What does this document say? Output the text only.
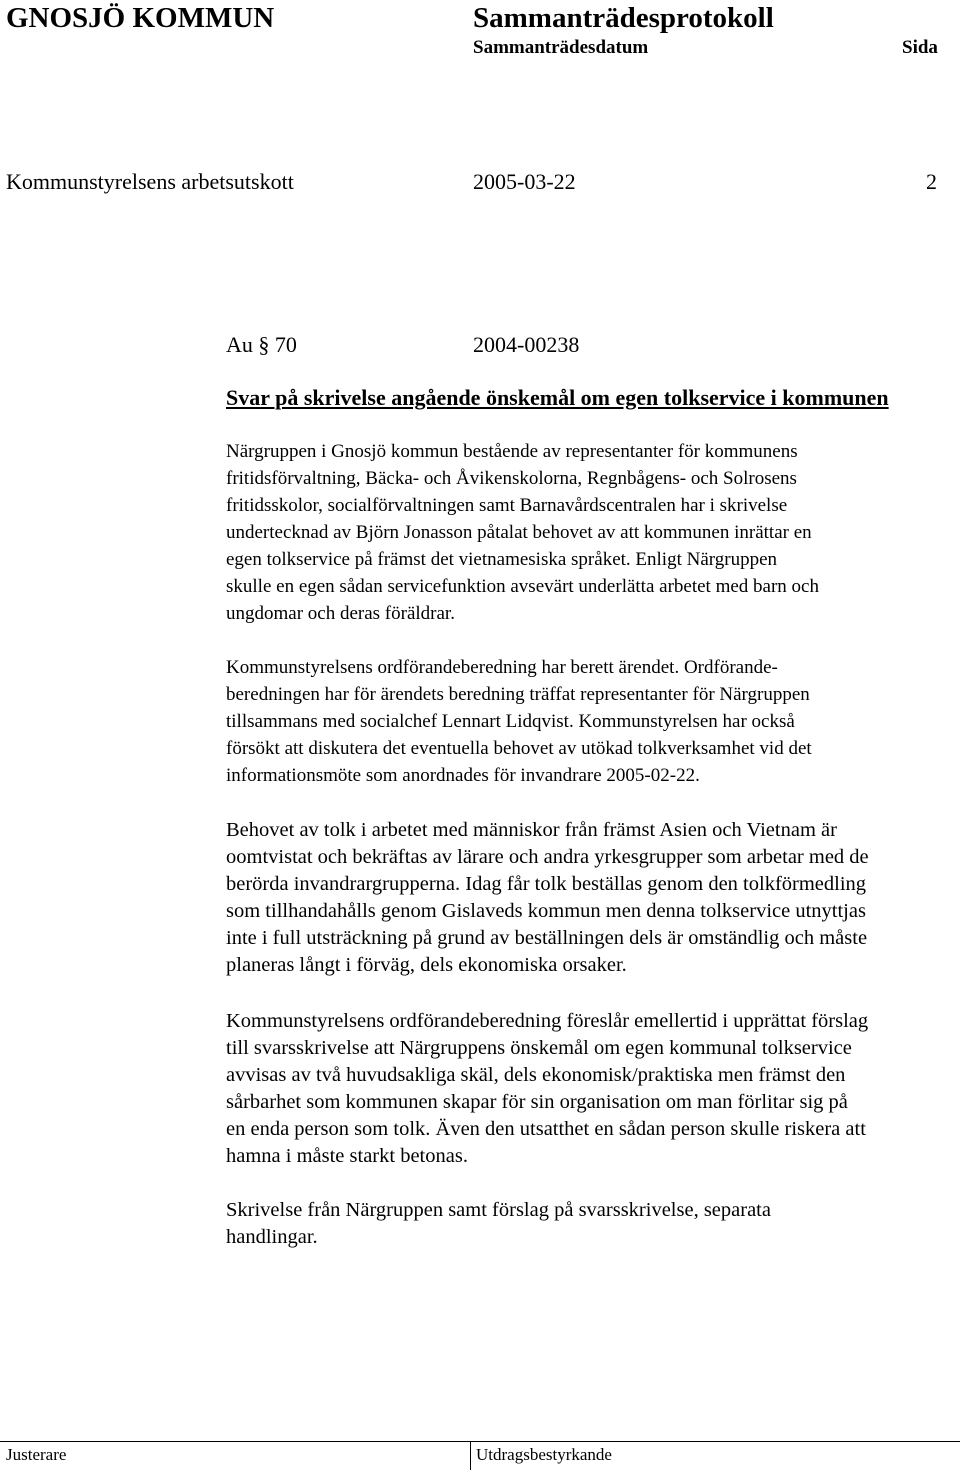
GNOSJÖ KOMMUN	Sammanträdesprotokoll
Sammanträdesdatum	Sida
Kommunstyrelsens arbetsutskott	2005-03-22	2
Au § 70	2004-00238
Svar på skrivelse angående önskemål om egen tolkservice i kommunen
Närgruppen i Gnosjö kommun bestående av representanter för kommunens
fritidsförvaltning, Bäcka- och Åvikenskolorna, Regnbågens- och Solrosens
fritidsskolor, socialförvaltningen samt Barnavårdscentralen har i skrivelse
undertecknad av Björn Jonasson påtalat behovet av att kommunen inrättar en
egen tolkservice på främst det vietnamesiska språket. Enligt Närgruppen
skulle en egen sådan servicefunktion avsevärt underlätta arbetet med barn och
ungdomar och deras föräldrar.
Kommunstyrelsens ordförandeberedning har berett ärendet. Ordförande-
beredningen har för ärendets beredning träffat representanter för Närgruppen
tillsammans med socialchef Lennart Lidqvist. Kommunstyrelsen har också
försökt att diskutera det eventuella behovet av utökad tolkverksamhet vid det
informationsmöte som anordnades för invandrare 2005-02-22.
Behovet av tolk i arbetet med människor från främst Asien och Vietnam är
oomtvistat och bekräftas av lärare och andra yrkesgrupper som arbetar med de
berörda invandrargrupperna. Idag får tolk beställas genom den tolkförmedling
som tillhandahålls genom Gislaveds kommun men denna tolkservice utnyttjas
inte i full utsträckning på grund av beställningen dels är omständlig och måste
planeras långt i förväg, dels ekonomiska orsaker.
Kommunstyrelsens ordförandeberedning föreslår emellertid i upprättat förslag
till svarsskrivelse att Närgruppens önskemål om egen kommunal tolkservice
avvisas av två huvudsakliga skäl, dels ekonomisk/praktiska men främst den
sårbarhet som kommunen skapar för sin organisation om man förlitar sig på
en enda person som tolk. Även den utsatthet en sådan person skulle riskera att
hamna i måste starkt betonas.
Skrivelse från Närgruppen samt förslag på svarsskrivelse, separata
handlingar.
Justerare	Utdragsbestyrkande
